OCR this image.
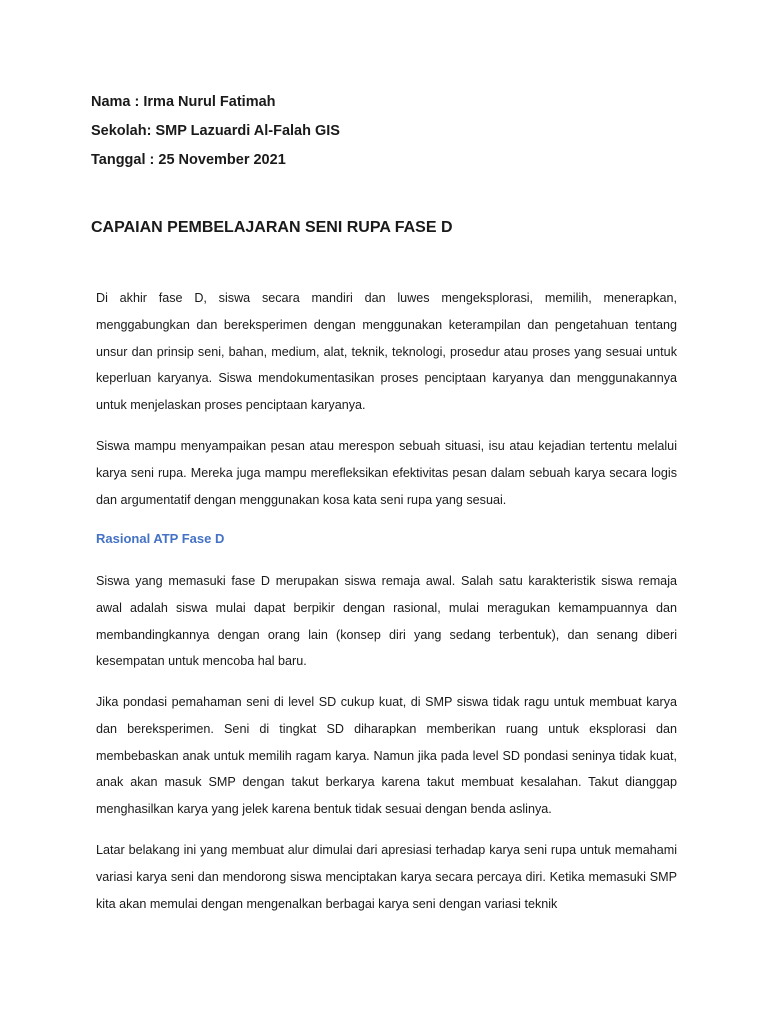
Nama : Irma Nurul Fatimah

Sekolah: SMP Lazuardi Al-Falah GIS

Tanggal : 25 November 2021

CAPAIAN PEMBELAJARAN SENI RUPA FASE D

Di akhir fase D, siswa secara mandiri dan luwes mengeksplorasi, memilih, menerapkan, menggabungkan dan bereksperimen dengan menggunakan keterampilan dan pengetahuan tentang unsur dan prinsip seni, bahan, medium, alat, teknik, teknologi, prosedur atau proses yang sesuai untuk keperluan karyanya. Siswa mendokumentasikan proses penciptaan karyanya dan menggunakannya untuk menjelaskan proses penciptaan karyanya.

Siswa mampu menyampaikan pesan atau merespon sebuah situasi, isu atau kejadian tertentu melalui karya seni rupa. Mereka juga mampu merefleksikan efektivitas pesan dalam sebuah karya secara logis dan argumentatif dengan menggunakan kosa kata seni rupa yang sesuai.

Rasional ATP Fase D

Siswa yang memasuki fase D merupakan siswa remaja awal. Salah satu karakteristik siswa remaja awal adalah siswa mulai dapat berpikir dengan rasional, mulai meragukan kemampuannya dan membandingkannya dengan orang lain (konsep diri yang sedang terbentuk), dan senang diberi kesempatan untuk mencoba hal baru.

Jika pondasi pemahaman seni di level SD cukup kuat, di SMP siswa tidak ragu untuk membuat karya dan bereksperimen. Seni di tingkat SD diharapkan memberikan ruang untuk eksplorasi dan membebaskan anak untuk memilih ragam karya. Namun jika pada level SD pondasi seninya tidak kuat, anak akan masuk SMP dengan takut berkarya karena takut membuat kesalahan. Takut dianggap menghasilkan karya yang jelek karena bentuk tidak sesuai dengan benda aslinya.

Latar belakang ini yang membuat alur dimulai dari apresiasi terhadap karya seni rupa untuk memahami variasi karya seni dan mendorong siswa menciptakan karya secara percaya diri. Ketika memasuki SMP kita akan memulai dengan mengenalkan berbagai karya seni dengan variasi teknik
